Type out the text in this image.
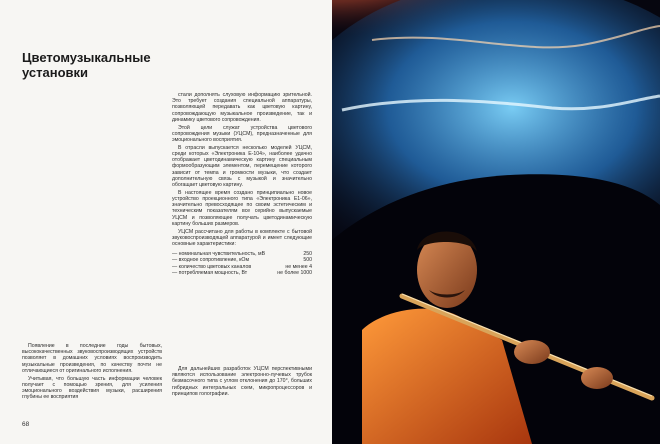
Цветомузыкальные установки

стали дополнять слуховую информацию зрительной. Это требует создания специальной аппаратуры, позволяющей передавать как цветовую картину, сопровождающую музыкальное произведение, так и динамику цветового сопровождения.

Этой цели служат устройства цветового сопровождения музыки (УЦСМ), предназначенные для эмоционального восприятия.

В отрасли выпускается несколько моделей УЦСМ, среди которых «Электроника Е-104», наиболее удачно отображает цветодинамическую картину специальным формообразующим элементом, перемещение которого зависит от темпа и громкости музыки, что создает дополнительную связь с музыкой и значительно обогащает цветовую картину.

В настоящее время создано принципиально новое устройство проекционного типа «Электроника Е1-06», значительно превосходящее по своим эстетическим и техническим показателям все серийно выпускаемые УЦСМ и позволяющее получать цветодинамическую картину больших размеров.

УЦСМ рассчитано для работы в комплекте с бытовой звуковоспроизводящей аппаратурой и имеет следующие основные характеристики:

— номинальная чувствительность, мВ	250
— входное сопротивление, кОм	500
— количество цветовых каналов	не менее 4
— потребляемая мощность, Вт	не более 1000

Появление в последние годы бытовых, высококачественных звуковоспроизводящих устройств позволяет в домашних условиях воспроизводить музыкальные произведения, по качеству почти не отличающиеся от оригинального исполнения.

Учитывая, что большую часть информации человек получает с помощью зрения, для усиления эмоционального воздействия музыки, расширения глубины ее восприятия

Для дальнейших разработок УЦСМ перспективными являются использование электронно-лучевых трубок безмасочного типа с углом отклонения до 170°, больших гибридных интегральных схем, микропроцессоров и принципов голографии.

68
